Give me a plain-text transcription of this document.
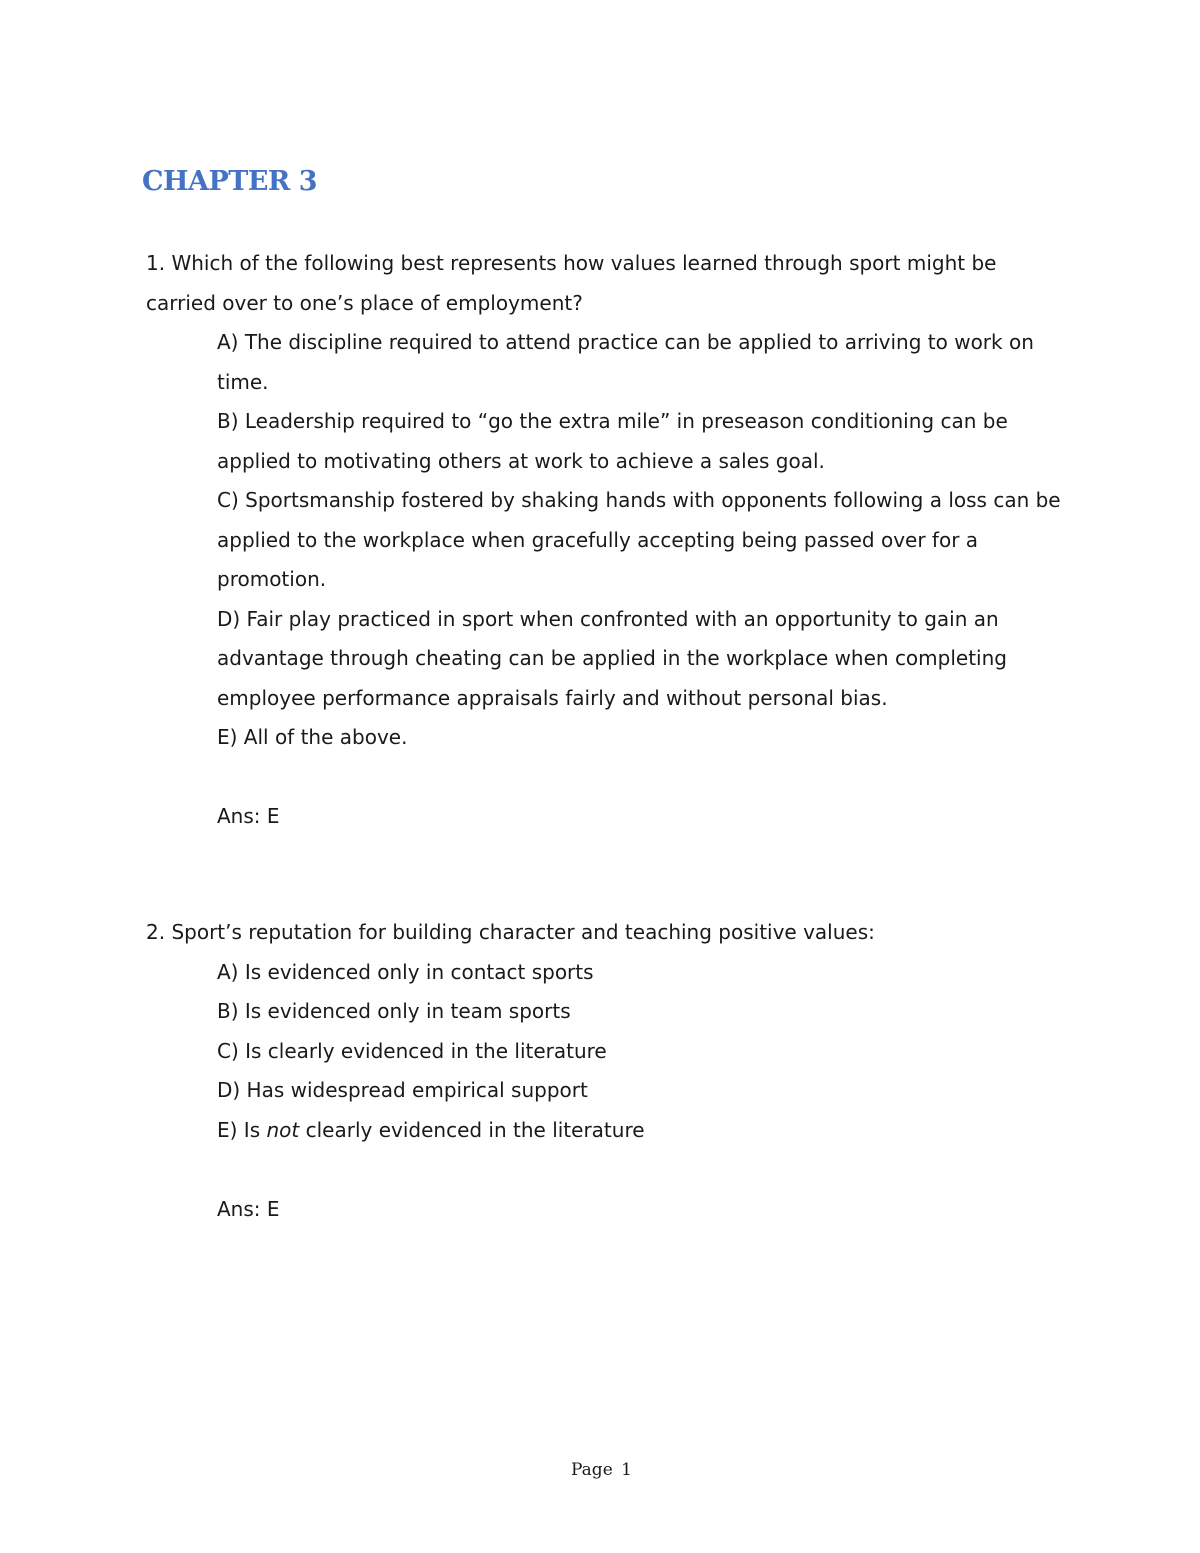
CHAPTER 3

1. Which of the following best represents how values learned through sport might be carried over to one’s place of employment?

A) The discipline required to attend practice can be applied to arriving to work on time.
B) Leadership required to “go the extra mile” in preseason conditioning can be applied to motivating others at work to achieve a sales goal.
C) Sportsmanship fostered by shaking hands with opponents following a loss can be applied to the workplace when gracefully accepting being passed over for a promotion.
D) Fair play practiced in sport when confronted with an opportunity to gain an advantage through cheating can be applied in the workplace when completing employee performance appraisals fairly and without personal bias.
E) All of the above.

Ans: E

2. Sport’s reputation for building character and teaching positive values:

A) Is evidenced only in contact sports
B) Is evidenced only in team sports
C) Is clearly evidenced in the literature
D) Has widespread empirical support
E) Is not clearly evidenced in the literature

Ans: E

Page 1
